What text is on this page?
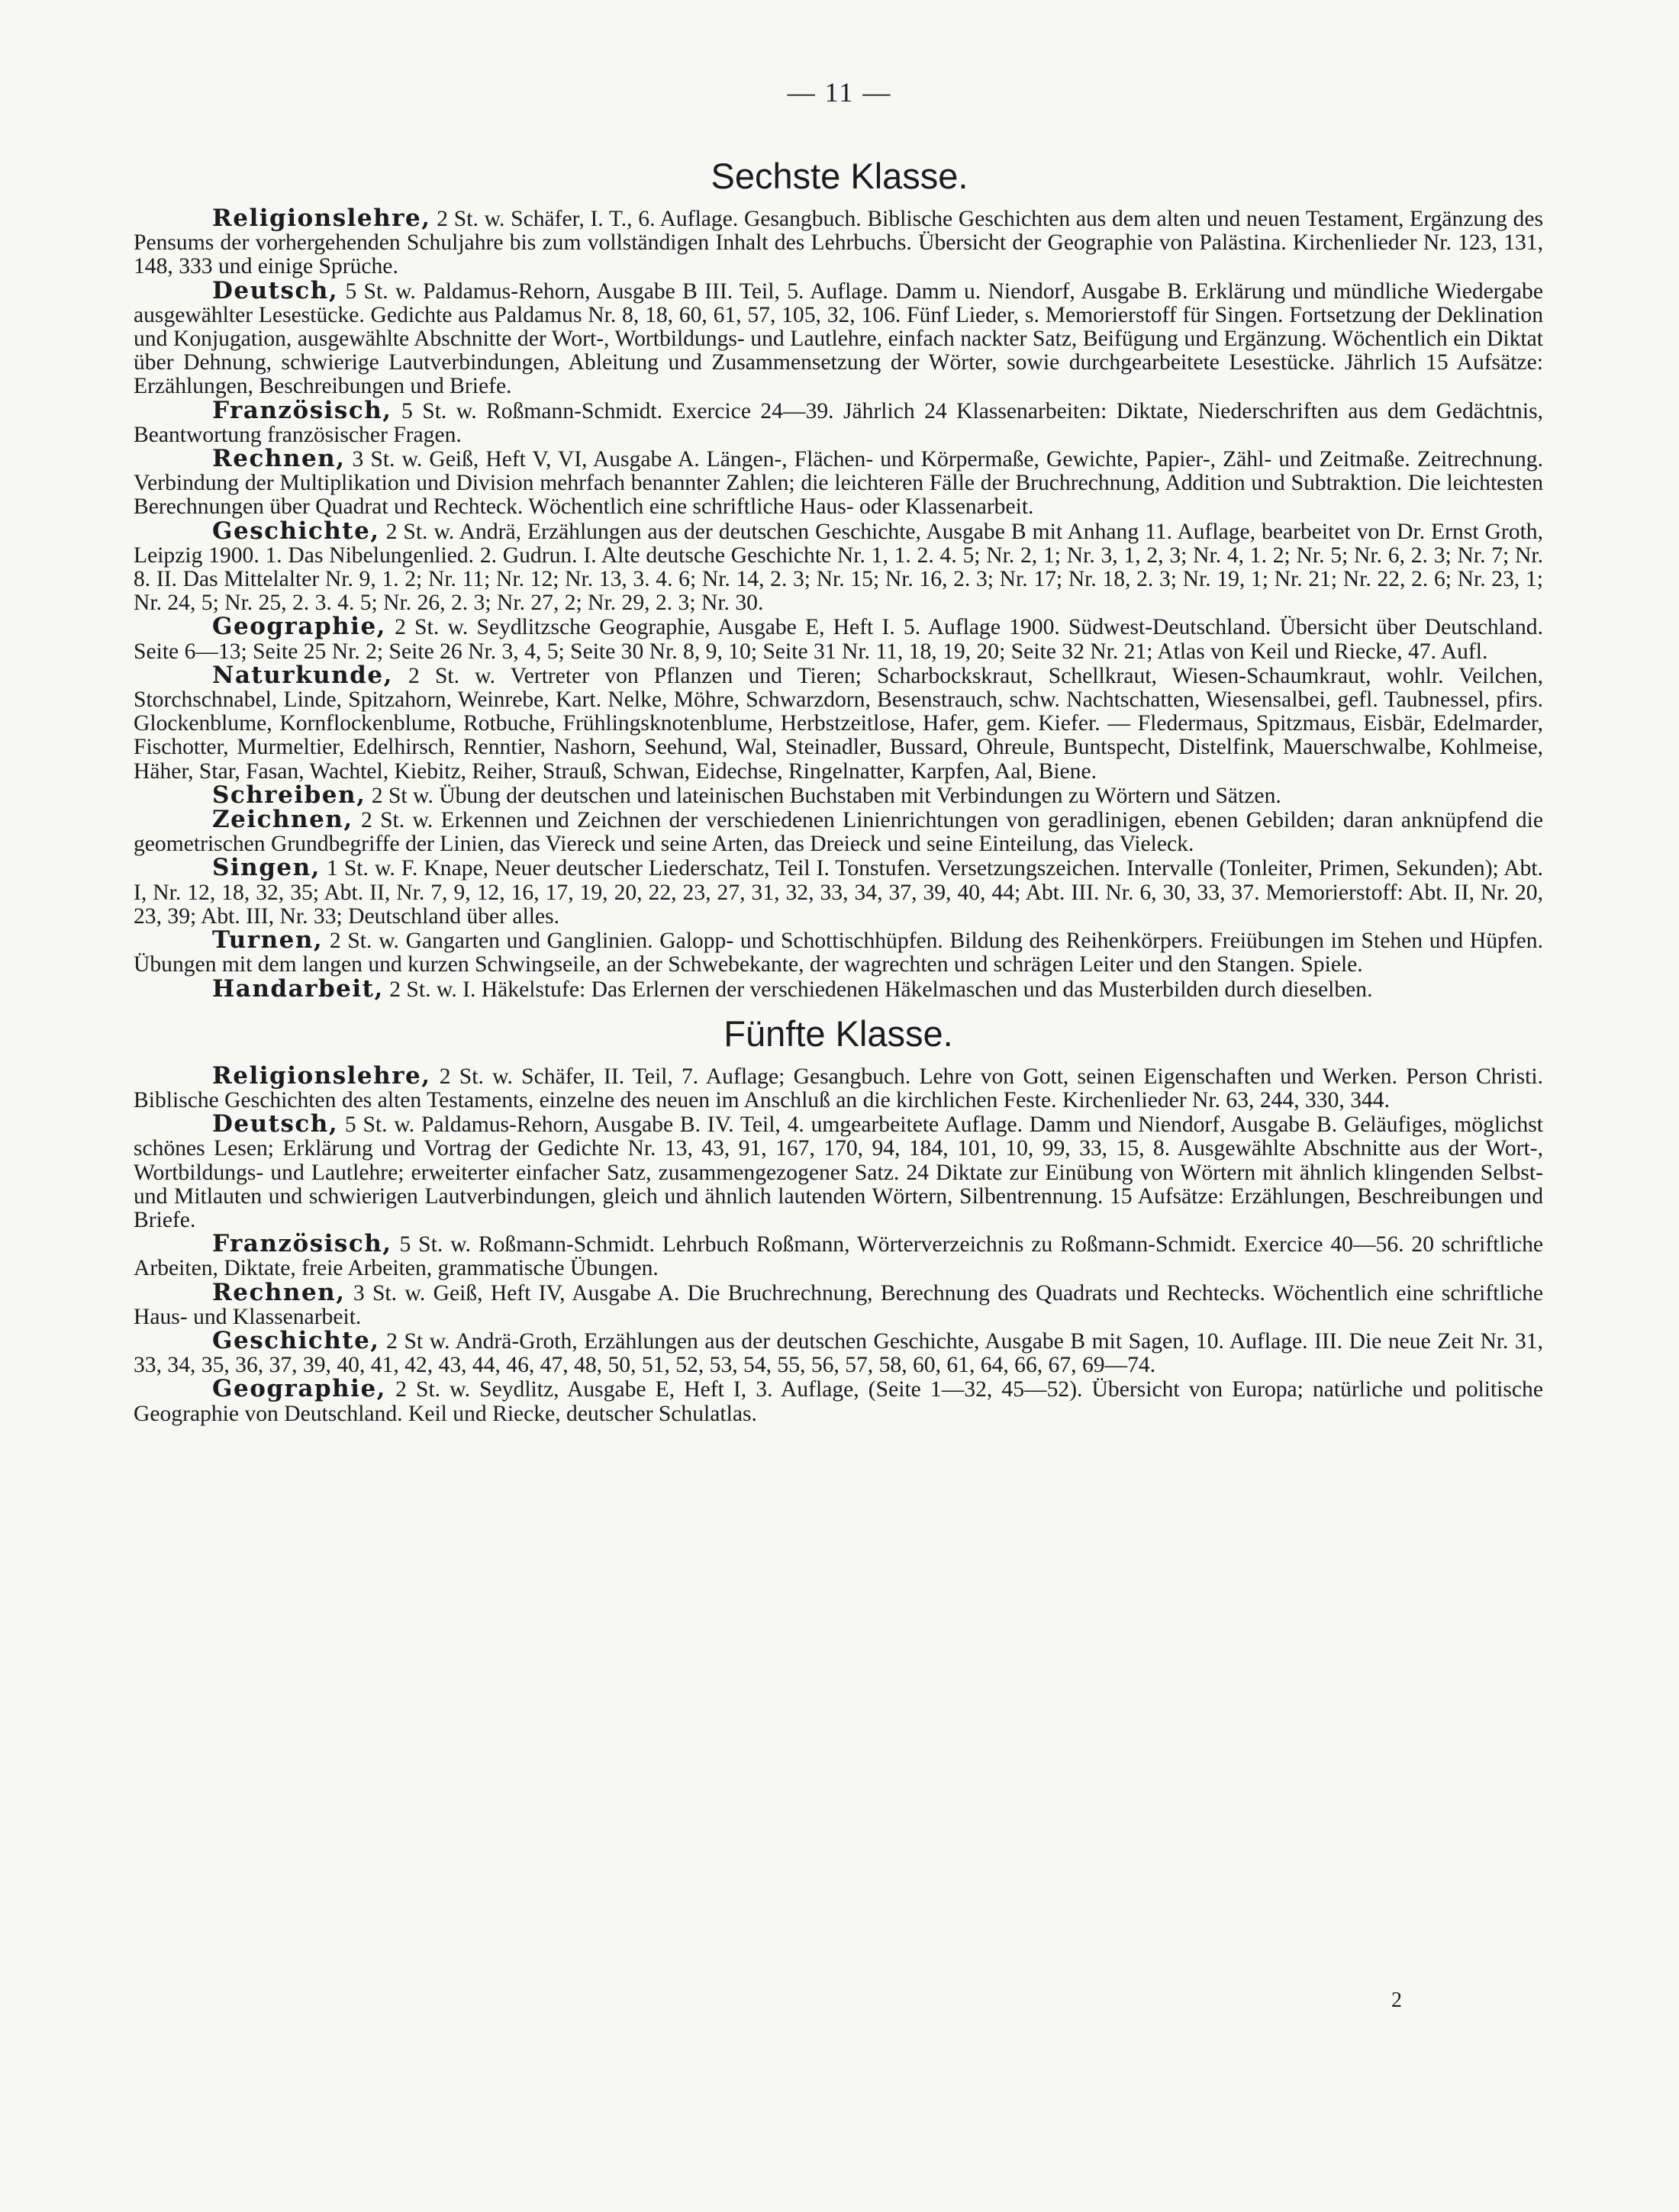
— 11 —
Sechste Klasse.

Religionslehre, 2 St. w. Schäfer, I. T., 6. Auflage. Gesangbuch. Biblische Geschichten aus dem alten und neuen Testament, Ergänzung des Pensums der vorhergehenden Schuljahre bis zum vollständigen Inhalt des Lehrbuchs. Übersicht der Geographie von Palästina. Kirchenlieder Nr. 123, 131, 148, 333 und einige Sprüche.

Deutsch, 5 St. w. Paldamus-Rehorn, Ausgabe B III. Teil, 5. Auflage. Damm u. Niendorf, Ausgabe B. Erklärung und mündliche Wiedergabe ausgewählter Lesestücke. Gedichte aus Paldamus Nr. 8, 18, 60, 61, 57, 105, 32, 106. Fünf Lieder, s. Memorierstoff für Singen. Fortsetzung der Deklination und Konjugation, ausgewählte Abschnitte der Wort-, Wortbildungs- und Lautlehre, einfach nackter Satz, Beifügung und Ergänzung. Wöchentlich ein Diktat über Dehnung, schwierige Lautverbindungen, Ableitung und Zusammensetzung der Wörter, sowie durchgearbeitete Lesestücke. Jährlich 15 Aufsätze: Erzählungen, Beschreibungen und Briefe.

Französisch, 5 St. w. Roßmann-Schmidt. Exercice 24—39. Jährlich 24 Klassenarbeiten: Diktate, Niederschriften aus dem Gedächtnis, Beantwortung französischer Fragen.

Rechnen, 3 St. w. Geiß, Heft V, VI, Ausgabe A. Längen-, Flächen- und Körpermaße, Gewichte, Papier-, Zähl- und Zeitmaße. Zeitrechnung. Verbindung der Multiplikation und Division mehrfach benannter Zahlen; die leichteren Fälle der Bruchrechnung, Addition und Subtraktion. Die leichtesten Berechnungen über Quadrat und Rechteck. Wöchentlich eine schriftliche Haus- oder Klassenarbeit.

Geschichte, 2 St. w. Andrä, Erzählungen aus der deutschen Geschichte, Ausgabe B mit Anhang 11. Auflage, bearbeitet von Dr. Ernst Groth, Leipzig 1900. 1. Das Nibelungenlied. 2. Gudrun. I. Alte deutsche Geschichte Nr. 1, 1. 2. 4. 5; Nr. 2, 1; Nr. 3, 1, 2, 3; Nr. 4, 1. 2; Nr. 5; Nr. 6, 2. 3; Nr. 7; Nr. 8. II. Das Mittelalter Nr. 9, 1. 2; Nr. 11; Nr. 12; Nr. 13, 3. 4. 6; Nr. 14, 2. 3; Nr. 15; Nr. 16, 2. 3; Nr. 17; Nr. 18, 2. 3; Nr. 19, 1; Nr. 21; Nr. 22, 2. 6; Nr. 23, 1; Nr. 24, 5; Nr. 25, 2. 3. 4. 5; Nr. 26, 2. 3; Nr. 27, 2; Nr. 29, 2. 3; Nr. 30.

Geographie, 2 St. w. Seydlitzsche Geographie, Ausgabe E, Heft I. 5. Auflage 1900. Südwest-Deutschland. Übersicht über Deutschland. Seite 6—13; Seite 25 Nr. 2; Seite 26 Nr. 3, 4, 5; Seite 30 Nr. 8, 9, 10; Seite 31 Nr. 11, 18, 19, 20; Seite 32 Nr. 21; Atlas von Keil und Riecke, 47. Aufl.

Naturkunde, 2 St. w. Vertreter von Pflanzen und Tieren; Scharbockskraut, Schellkraut, Wiesen-Schaumkraut, wohlr. Veilchen, Storchschnabel, Linde, Spitzahorn, Weinrebe, Kart. Nelke, Möhre, Schwarzdorn, Besenstrauch, schw. Nachtschatten, Wiesensalbei, gefl. Taubnessel, pfirs. Glockenblume, Kornflockenblume, Rotbuche, Frühlingsknotenblume, Herbstzeitlose, Hafer, gem. Kiefer. — Fledermaus, Spitzmaus, Eisbär, Edelmarder, Fischotter, Murmeltier, Edelhirsch, Renntier, Nashorn, Seehund, Wal, Steinadler, Bussard, Ohreule, Buntspecht, Distelfink, Mauerschwalbe, Kohlmeise, Häher, Star, Fasan, Wachtel, Kiebitz, Reiher, Strauß, Schwan, Eidechse, Ringelnatter, Karpfen, Aal, Biene.

Schreiben, 2 St w. Übung der deutschen und lateinischen Buchstaben mit Verbindungen zu Wörtern und Sätzen.

Zeichnen, 2 St. w. Erkennen und Zeichnen der verschiedenen Linienrichtungen von geradlinigen, ebenen Gebilden; daran anknüpfend die geometrischen Grundbegriffe der Linien, das Viereck und seine Arten, das Dreieck und seine Einteilung, das Vieleck.

Singen, 1 St. w. F. Knape, Neuer deutscher Liederschatz, Teil I. Tonstufen. Versetzungszeichen. Intervalle (Tonleiter, Primen, Sekunden); Abt. I, Nr. 12, 18, 32, 35; Abt. II, Nr. 7, 9, 12, 16, 17, 19, 20, 22, 23, 27, 31, 32, 33, 34, 37, 39, 40, 44; Abt. III. Nr. 6, 30, 33, 37. Memorierstoff: Abt. II, Nr. 20, 23, 39; Abt. III, Nr. 33; Deutschland über alles.

Turnen, 2 St. w. Gangarten und Ganglinien. Galopp- und Schottischhüpfen. Bildung des Reihenkörpers. Freiübungen im Stehen und Hüpfen. Übungen mit dem langen und kurzen Schwingseile, an der Schwebekante, der wagrechten und schrägen Leiter und den Stangen. Spiele.

Handarbeit, 2 St. w. I. Häkelstufe: Das Erlernen der verschiedenen Häkelmaschen und das Musterbilden durch dieselben.

Fünfte Klasse.

Religionslehre, 2 St. w. Schäfer, II. Teil, 7. Auflage; Gesangbuch. Lehre von Gott, seinen Eigenschaften und Werken. Person Christi. Biblische Geschichten des alten Testaments, einzelne des neuen im Anschluß an die kirchlichen Feste. Kirchenlieder Nr. 63, 244, 330, 344.

Deutsch, 5 St. w. Paldamus-Rehorn, Ausgabe B. IV. Teil, 4. umgearbeitete Auflage. Damm und Niendorf, Ausgabe B. Geläufiges, möglichst schönes Lesen; Erklärung und Vortrag der Gedichte Nr. 13, 43, 91, 167, 170, 94, 184, 101, 10, 99, 33, 15, 8. Ausgewählte Abschnitte aus der Wort-, Wortbildungs- und Lautlehre; erweiterter einfacher Satz, zusammengezogener Satz. 24 Diktate zur Einübung von Wörtern mit ähnlich klingenden Selbst- und Mitlauten und schwierigen Lautverbindungen, gleich und ähnlich lautenden Wörtern, Silbentrennung. 15 Aufsätze: Erzählungen, Beschreibungen und Briefe.

Französisch, 5 St. w. Roßmann-Schmidt. Lehrbuch Roßmann, Wörterverzeichnis zu Roßmann-Schmidt. Exercice 40—56. 20 schriftliche Arbeiten, Diktate, freie Arbeiten, grammatische Übungen.

Rechnen, 3 St. w. Geiß, Heft IV, Ausgabe A. Die Bruchrechnung, Berechnung des Quadrats und Rechtecks. Wöchentlich eine schriftliche Haus- und Klassenarbeit.

Geschichte, 2 St w. Andrä-Groth, Erzählungen aus der deutschen Geschichte, Ausgabe B mit Sagen, 10. Auflage. III. Die neue Zeit Nr. 31, 33, 34, 35, 36, 37, 39, 40, 41, 42, 43, 44, 46, 47, 48, 50, 51, 52, 53, 54, 55, 56, 57, 58, 60, 61, 64, 66, 67, 69—74.

Geographie, 2 St. w. Seydlitz, Ausgabe E, Heft I, 3. Auflage, (Seite 1—32, 45—52). Übersicht von Europa; natürliche und politische Geographie von Deutschland. Keil und Riecke, deutscher Schulatlas.

2
